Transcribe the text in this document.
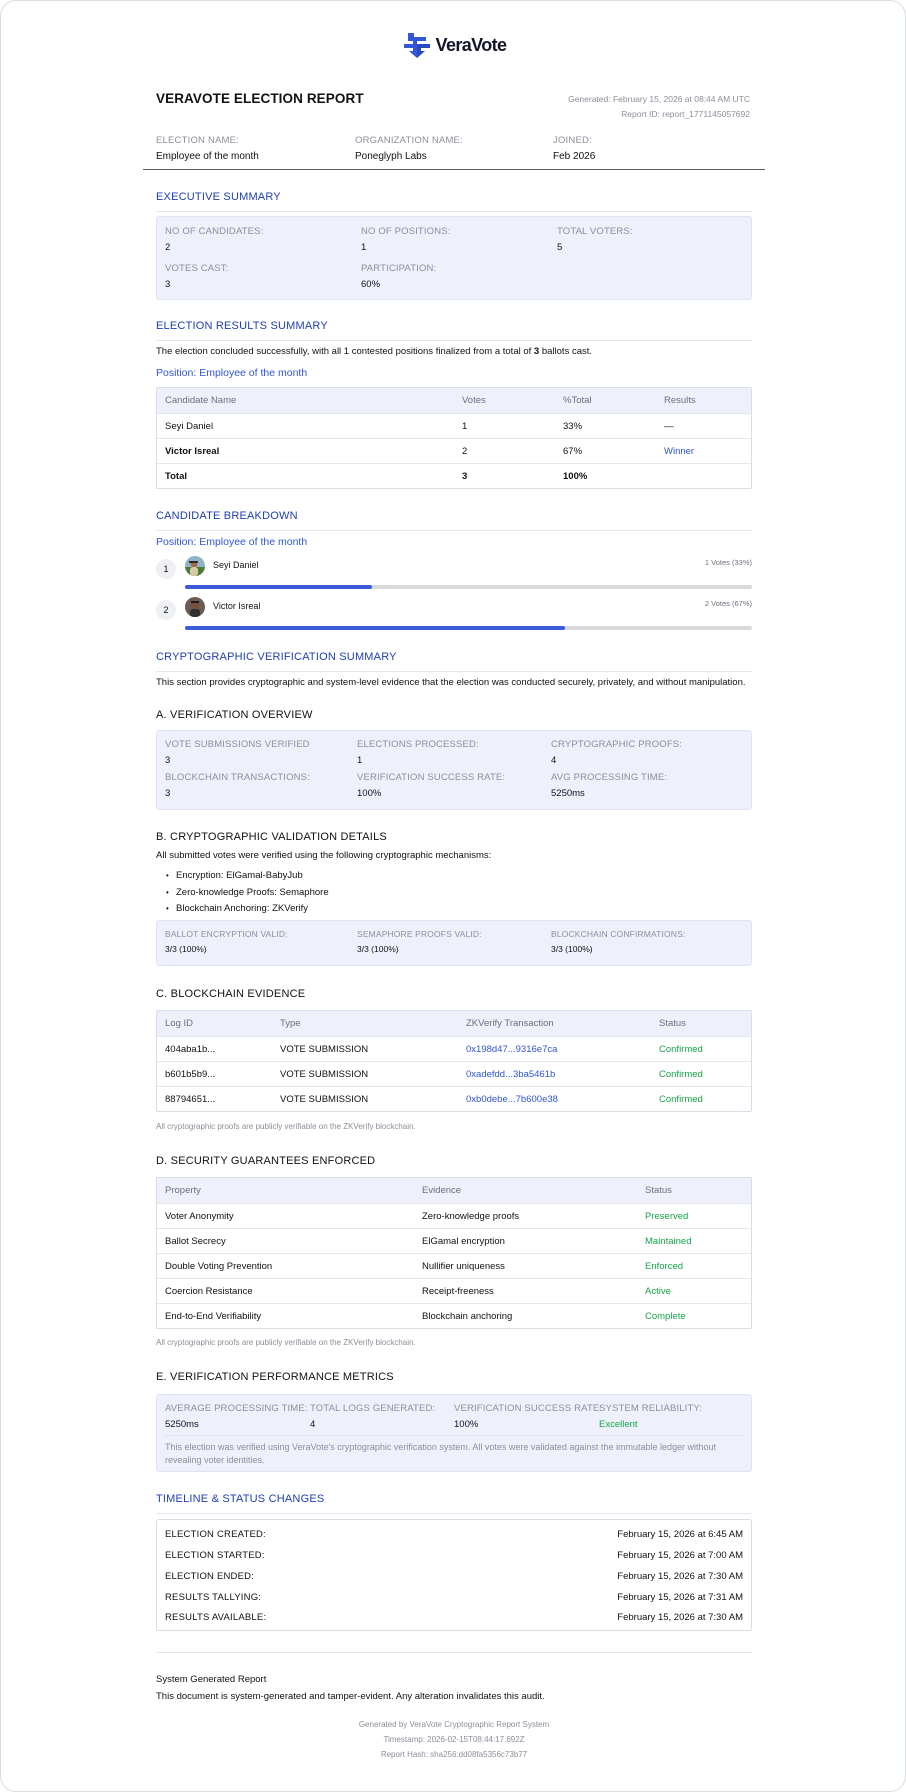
VeraVote
VERAVOTE ELECTION REPORT	Generated: February 15, 2026 at 08:44 AM UTC
Report ID: report_1771145057692
ELECTION NAME:
Employee of the month
ORGANIZATION NAME:
Poneglyph Labs
JOINED:
Feb 2026
EXECUTIVE SUMMARY
NO OF CANDIDATES:
2
NO OF POSITIONS:
1
TOTAL VOTERS:
5
VOTES CAST:
3
PARTICIPATION:
60%
ELECTION RESULTS SUMMARY
The election concluded successfully, with all 1 contested positions finalized from a total of 3 ballots cast.
Position: Employee of the month
Candidate Name	Votes	%Total	Results
Seyi Daniel	1	33%	—
Victor Isreal	2	67%	Winner
Total	3	100%
CANDIDATE BREAKDOWN
Position: Employee of the month
1	Seyi Daniel	1 Votes (33%)
2	Victor Isreal	2 Votes (67%)
CRYPTOGRAPHIC VERIFICATION SUMMARY
This section provides cryptographic and system-level evidence that the election was conducted securely, privately, and without manipulation.
A. VERIFICATION OVERVIEW
VOTE SUBMISSIONS VERIFIED
3
ELECTIONS PROCESSED:
1
CRYPTOGRAPHIC PROOFS:
4
BLOCKCHAIN TRANSACTIONS:
3
VERIFICATION SUCCESS RATE:
100%
AVG PROCESSING TIME:
5250ms
B. CRYPTOGRAPHIC VALIDATION DETAILS
All submitted votes were verified using the following cryptographic mechanisms:
• Encryption: ElGamal-BabyJub
• Zero-knowledge Proofs: Semaphore
• Blockchain Anchoring: ZKVerify
BALLOT ENCRYPTION VALID:
3/3 (100%)
SEMAPHORE PROOFS VALID:
3/3 (100%)
BLOCKCHAIN CONFIRMATIONS:
3/3 (100%)
C. BLOCKCHAIN EVIDENCE
Log ID	Type	ZKVerify Transaction	Status
404aba1b...	VOTE SUBMISSION	0x198d47...9316e7ca	Confirmed
b601b5b9...	VOTE SUBMISSION	0xadefdd...3ba5461b	Confirmed
88794651...	VOTE SUBMISSION	0xb0debe...7b600e38	Confirmed
All cryptographic proofs are publicly verifiable on the ZKVerify blockchain.
D. SECURITY GUARANTEES ENFORCED
Property	Evidence	Status
Voter Anonymity	Zero-knowledge proofs	Preserved
Ballot Secrecy	ElGamal encryption	Maintained
Double Voting Prevention	Nullifier uniqueness	Enforced
Coercion Resistance	Receipt-freeness	Active
End-to-End Verifiability	Blockchain anchoring	Complete
All cryptographic proofs are publicly verifiable on the ZKVerify blockchain.
E. VERIFICATION PERFORMANCE METRICS
AVERAGE PROCESSING TIME:
5250ms
TOTAL LOGS GENERATED:
4
VERIFICATION SUCCESS RATE:
100%
SYSTEM RELIABILITY:
Excellent
This election was verified using VeraVote's cryptographic verification system. All votes were validated against the immutable ledger without
revealing voter identities.
TIMELINE & STATUS CHANGES
ELECTION CREATED:	February 15, 2026 at 6:45 AM
ELECTION STARTED:	February 15, 2026 at 7:00 AM
ELECTION ENDED:	February 15, 2026 at 7:30 AM
RESULTS TALLYING:	February 15, 2026 at 7:31 AM
RESULTS AVAILABLE:	February 15, 2026 at 7:30 AM
System Generated Report
This document is system-generated and tamper-evident. Any alteration invalidates this audit.
Generated by VeraVote Cryptographic Report System
Timestamp: 2026-02-15T08:44:17.692Z
Report Hash: sha256:dd08fa5356c73b77
